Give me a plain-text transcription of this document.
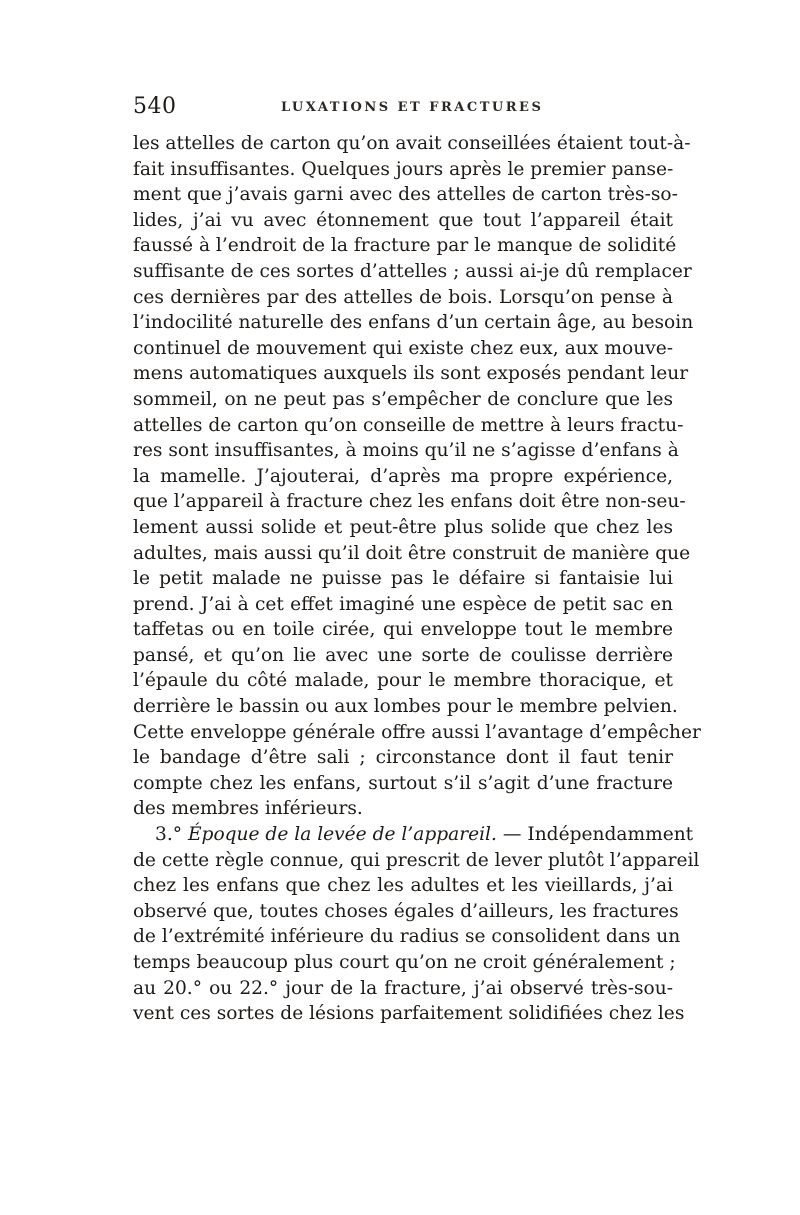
540	LUXATIONS ET FRACTURES
les attelles de carton qu’on avait conseillées étaient tout-à-
fait insuffisantes. Quelques jours après le premier panse-
ment que j’avais garni avec des attelles de carton très-so-
lides, j’ai vu avec étonnement que tout l’appareil était
faussé à l’endroit de la fracture par le manque de solidité
suffisante de ces sortes d’attelles ; aussi ai-je dû remplacer
ces dernières par des attelles de bois. Lorsqu’on pense à
l’indocilité naturelle des enfans d’un certain âge, au besoin
continuel de mouvement qui existe chez eux, aux mouve-
mens automatiques auxquels ils sont exposés pendant leur
sommeil, on ne peut pas s’empêcher de conclure que les
attelles de carton qu’on conseille de mettre à leurs fractu-
res sont insuffisantes, à moins qu’il ne s’agisse d’enfans à
la mamelle. J’ajouterai, d’après ma propre expérience,
que l’appareil à fracture chez les enfans doit être non-seu-
lement aussi solide et peut-être plus solide que chez les
adultes, mais aussi qu’il doit être construit de manière que
le petit malade ne puisse pas le défaire si fantaisie lui
prend. J’ai à cet effet imaginé une espèce de petit sac en
taffetas ou en toile cirée, qui enveloppe tout le membre
pansé, et qu’on lie avec une sorte de coulisse derrière
l’épaule du côté malade, pour le membre thoracique, et
derrière le bassin ou aux lombes pour le membre pelvien.
Cette enveloppe générale offre aussi l’avantage d’empêcher
le bandage d’être sali ; circonstance dont il faut tenir
compte chez les enfans, surtout s’il s’agit d’une fracture
des membres inférieurs.
3.° Époque de la levée de l’appareil. — Indépendamment
de cette règle connue, qui prescrit de lever plutôt l’appareil
chez les enfans que chez les adultes et les vieillards, j’ai
observé que, toutes choses égales d’ailleurs, les fractures
de l’extrémité inférieure du radius se consolident dans un
temps beaucoup plus court qu’on ne croit généralement ;
au 20.° ou 22.° jour de la fracture, j’ai observé très-sou-
vent ces sortes de lésions parfaitement solidifiées chez les
